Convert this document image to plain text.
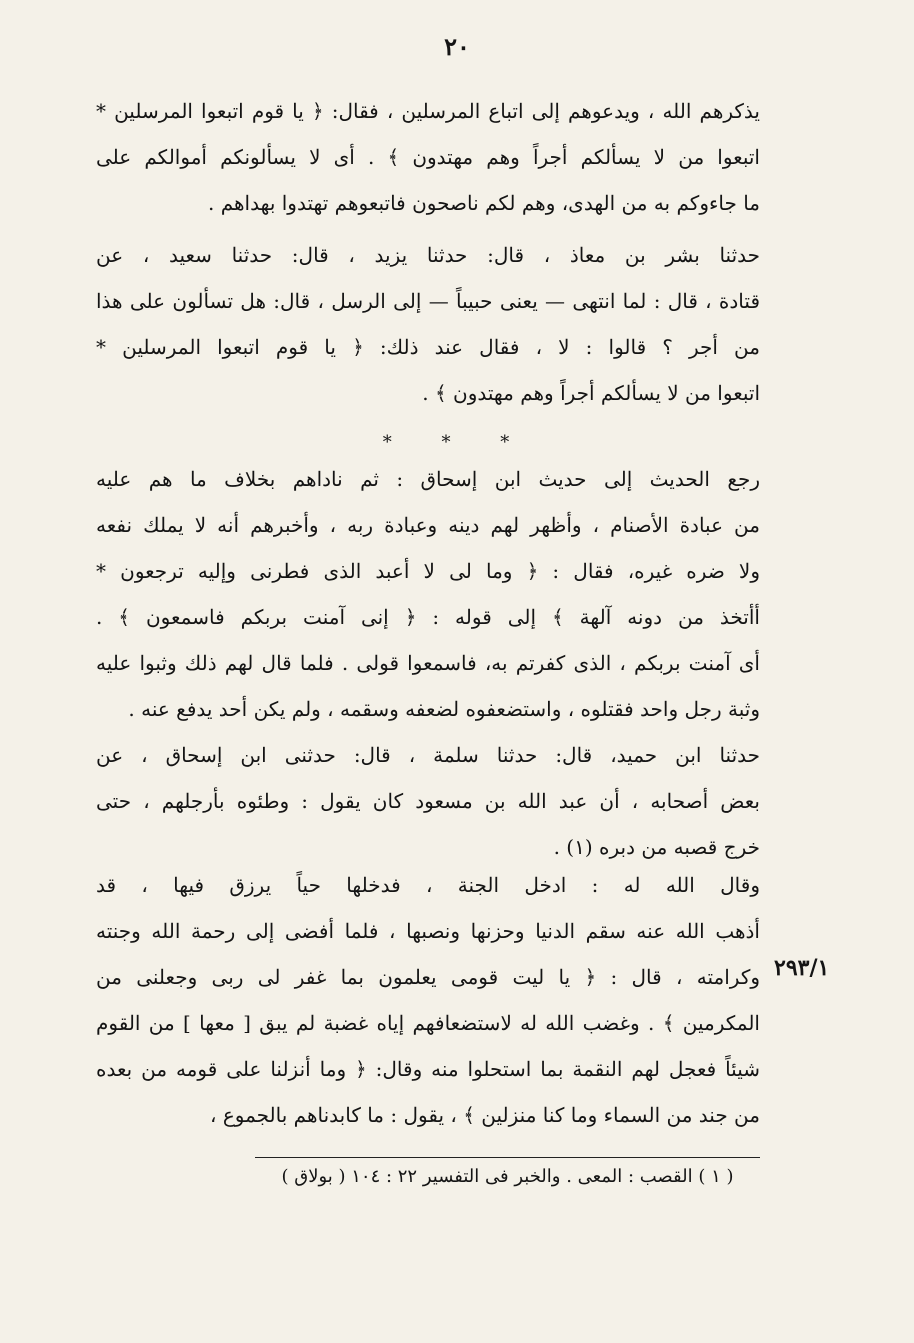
٢٠
يذكرهم الله ، ويدعوهم إلى اتباع المرسلين ، فقال: ﴿ يا قوم اتبعوا المرسلين *
اتبعوا من لا يسألكم أجراً وهم مهتدون ﴾ . أى لا يسألونكم أموالكم على
ما جاءوكم به من الهدى، وهم لكم ناصحون فاتبعوهم تهتدوا بهداهم .
حدثنا بشر بن معاذ ، قال: حدثنا يزيد ، قال: حدثنا سعيد ، عن
قتادة ، قال : لما انتهى — يعنى حبيباً — إلى الرسل ، قال: هل تسألون على هذا
من أجر ؟ قالوا : لا ، فقال عند ذلك: ﴿ يا قوم اتبعوا المرسلين *
اتبعوا من لا يسألكم أجراً وهم مهتدون ﴾ .
* * *
رجع الحديث إلى حديث ابن إسحاق : ثم ناداهم بخلاف ما هم عليه
من عبادة الأصنام ، وأظهر لهم دينه وعبادة ربه ، وأخبرهم أنه لا يملك نفعه
ولا ضره غيره، فقال : ﴿ وما لى لا أعبد الذى فطرنى وإليه ترجعون *
أأتخذ من دونه آلهة ﴾ إلى قوله : ﴿ إنى آمنت بربكم فاسمعون ﴾ .
أى آمنت بربكم ، الذى كفرتم به، فاسمعوا قولى . فلما قال لهم ذلك وثبوا عليه
وثبة رجل واحد فقتلوه ، واستضعفوه لضعفه وسقمه ، ولم يكن أحد يدفع عنه .
حدثنا ابن حميد، قال: حدثنا سلمة ، قال: حدثنى ابن إسحاق ، عن
بعض أصحابه ، أن عبد الله بن مسعود كان يقول : وطئوه بأرجلهم ، حتى
خرج قصبه من دبره (١) .
وقال الله له : ادخل الجنة ، فدخلها حياً يرزق فيها ، قد
أذهب الله عنه سقم الدنيا وحزنها ونصبها ، فلما أفضى إلى رحمة الله وجنته
وكرامته ، قال : ﴿ يا ليت قومى يعلمون بما غفر لى ربى وجعلنى من
المكرمين ﴾ . وغضب الله له لاستضعافهم إياه غضبة لم يبق [ معها ] من القوم
شيئاً فعجل لهم النقمة بما استحلوا منه وقال: ﴿ وما أنزلنا على قومه من بعده
من جند من السماء وما كنا منزلين ﴾ ، يقول : ما كابدناهم بالجموع ،
٢٩٣/١
( ١ ) القصب : المعى . والخبر فى التفسير ٢٢ : ١٠٤ ( بولاق )
